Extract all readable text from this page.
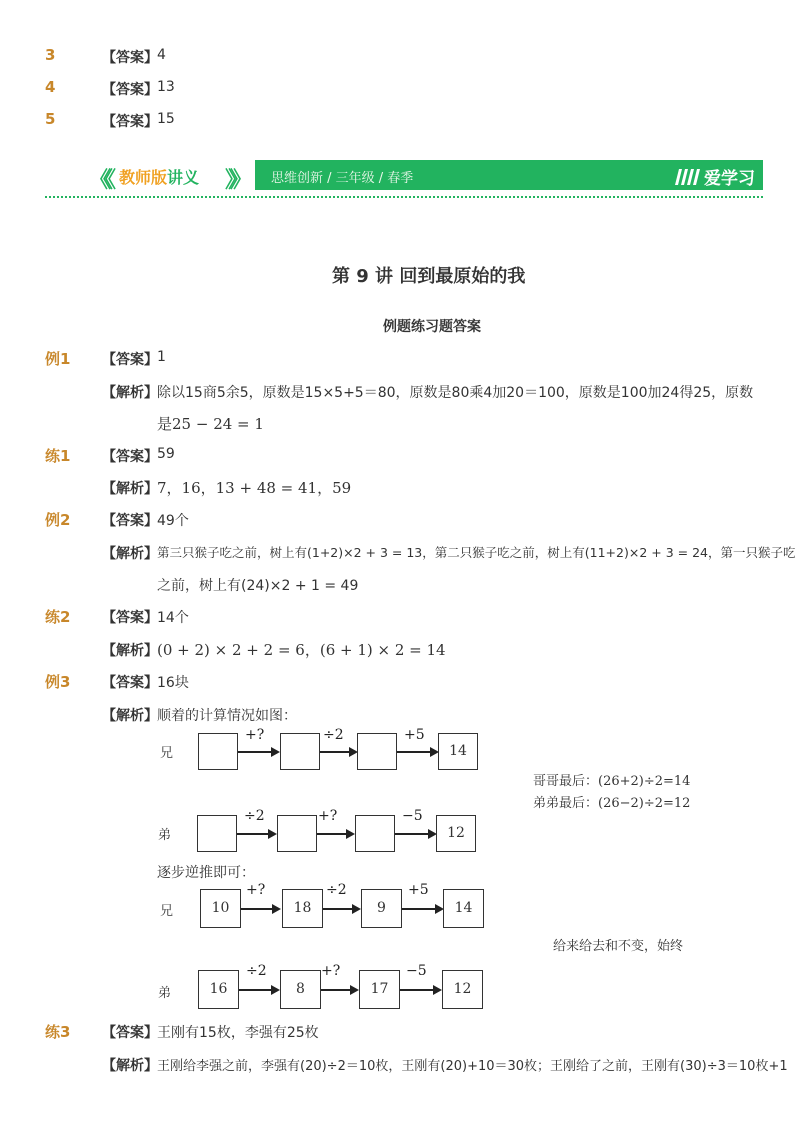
3	【答案】 4
4	【答案】 13
5	【答案】 15
《《 教师版讲义 》》 思维创新 / 三年级 / 春季	爱学习
第 9 讲 回到最原始的我
例题练习题答案
例1 【答案】 1
【解析】 除以15商5余5，原数是15×5+5＝80，原数是80乘4加20＝100，原数是100加24得25，原数
是25 − 24 = 1
练1 【答案】 59
【解析】 7，16，13 + 48 = 41，59
例2 【答案】 49个
【解析】 第三只猴子吃之前，树上有(1+2)×2 + 3 = 13，第二只猴子吃之前，树上有(11+2)×2 + 3 = 24，第一只猴子吃
之前，树上有(24)×2 + 1 = 49
练2 【答案】 14个
【解析】 (0 + 2) × 2 + 2 = 6，(6 + 1) × 2 = 14
例3 【答案】 16块
【解析】 顺着的计算情况如图：
兄
+?	÷2	+5
14
哥哥最后：(26+2)÷2=14
弟弟最后：(26−2)÷2=12
弟
÷2	+?	−5
12
逐步逆推即可：
兄	10
+?
18
÷2
9
+5
14
给来给去和不变，始终
弟	16
÷2
8
+?
17
−5
12
练3 【答案】 王刚有15枚，李强有25枚
【解析】 王刚给李强之前，李强有(20)÷2＝10枚，王刚有(20)+10＝30枚；王刚给了之前，王刚有(30)÷3＝10枚+1
